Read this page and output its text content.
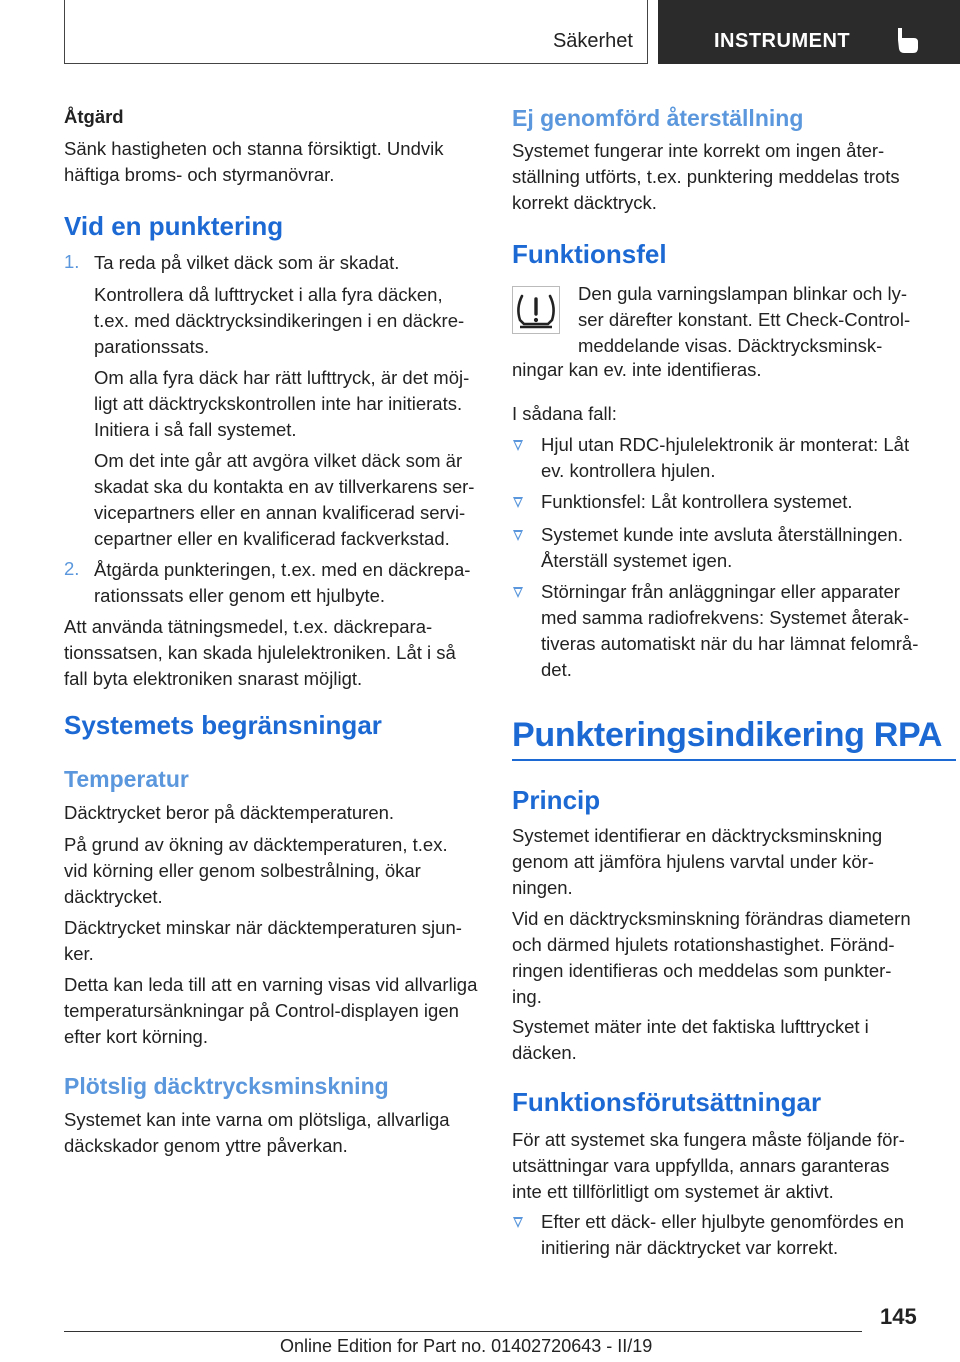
Säkerhet	INSTRUMENT
Åtgärd
Sänk hastigheten och stanna försiktigt. Undvik
häftiga broms- och styrmanövrar.
Vid en punktering
1. Ta reda på vilket däck som är skadat.
Kontrollera då lufttrycket i alla fyra däcken,
t.ex. med däcktrycksindikeringen i en däckre-
parationssats.
Om alla fyra däck har rätt lufttryck, är det möj-
ligt att däcktryckskontrollen inte har initierats.
Initiera i så fall systemet.
Om det inte går att avgöra vilket däck som är
skadat ska du kontakta en av tillverkarens ser-
vicepartners eller en annan kvalificerad servi-
cepartner eller en kvalificerad fackverkstad.
2. Åtgärda punkteringen, t.ex. med en däckrepa-
rationssats eller genom ett hjulbyte.
Att använda tätningsmedel, t.ex. däckrepara-
tionssatsen, kan skada hjulelektroniken. Låt i så
fall byta elektroniken snarast möjligt.
Systemets begränsningar
Temperatur
Däcktrycket beror på däcktemperaturen.
På grund av ökning av däcktemperaturen, t.ex.
vid körning eller genom solbestrålning, ökar
däcktrycket.
Däcktrycket minskar när däcktemperaturen sjun-
ker.
Detta kan leda till att en varning visas vid allvarliga
temperatursänkningar på Control-displayen igen
efter kort körning.
Plötslig däcktrycksminskning
Systemet kan inte varna om plötsliga, allvarliga
däckskador genom yttre påverkan.
Ej genomförd återställning
Systemet fungerar inte korrekt om ingen åter-
ställning utförts, t.ex. punktering meddelas trots
korrekt däcktryck.
Funktionsfel
Den gula varningslampan blinkar och ly-
ser därefter konstant. Ett Check-Control-
meddelande visas. Däcktrycksminsk-
ningar kan ev. inte identifieras.
I sådana fall:
Hjul utan RDC-hjulelektronik är monterat: Låt
ev. kontrollera hjulen.
Funktionsfel: Låt kontrollera systemet.
Systemet kunde inte avsluta återställningen.
Återställ systemet igen.
Störningar från anläggningar eller apparater
med samma radiofrekvens: Systemet återak-
tiveras automatiskt när du har lämnat felområ-
det.
Punkteringsindikering RPA
Princip
Systemet identifierar en däcktrycksminskning
genom att jämföra hjulens varvtal under kör-
ningen.
Vid en däcktrycksminskning förändras diametern
och därmed hjulets rotationshastighet. Föränd-
ringen identifieras och meddelas som punkter-
ing.
Systemet mäter inte det faktiska lufttrycket i
däcken.
Funktionsförutsättningar
För att systemet ska fungera måste följande för-
utsättningar vara uppfyllda, annars garanteras
inte ett tillförlitligt om systemet är aktivt.
Efter ett däck- eller hjulbyte genomfördes en
initiering när däcktrycket var korrekt.
145
Online Edition for Part no. 01402720643 - II/19
